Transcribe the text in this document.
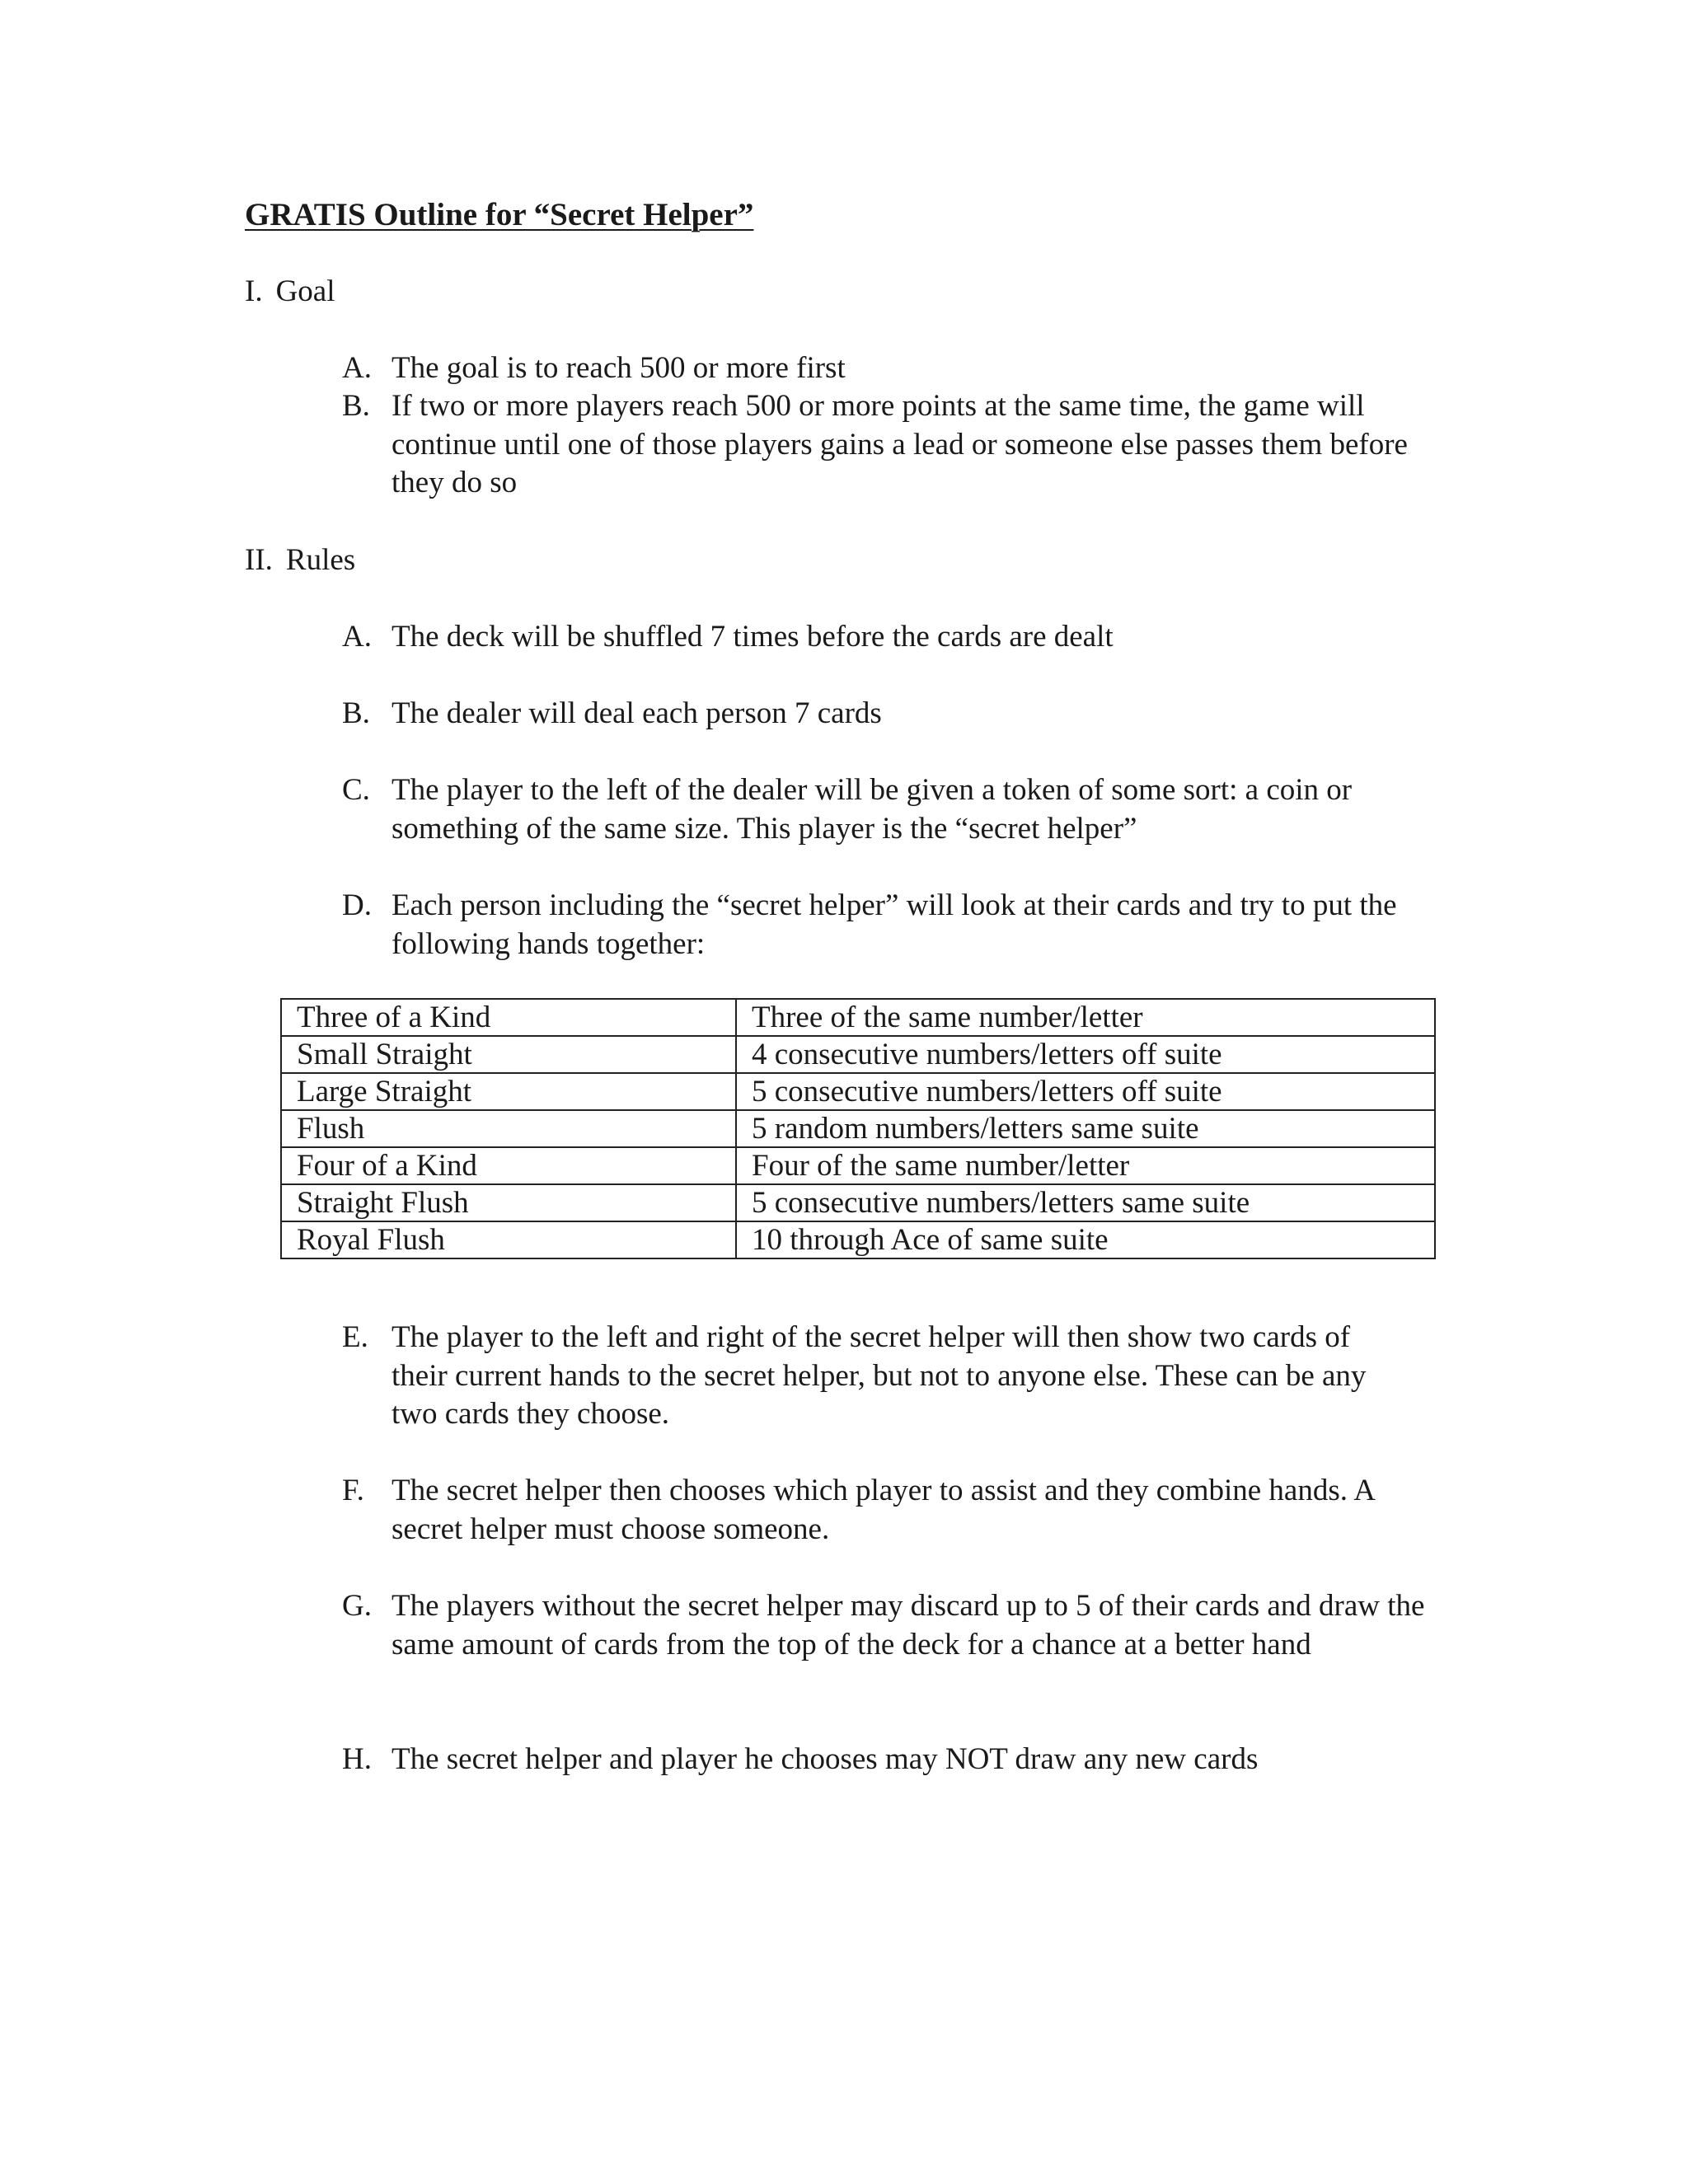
GRATIS Outline for “Secret Helper”
I. Goal
A. The goal is to reach 500 or more first
B. If two or more players reach 500 or more points at the same time, the game will continue until one of those players gains a lead or someone else passes them before they do so
II. Rules
A. The deck will be shuffled 7 times before the cards are dealt
B. The dealer will deal each person 7 cards
C. The player to the left of the dealer will be given a token of some sort: a coin or something of the same size. This player is the “secret helper”
D. Each person including the “secret helper” will look at their cards and try to put the following hands together:
Three of a Kind	Three of the same number/letter
Small Straight	4 consecutive numbers/letters off suite
Large Straight	5 consecutive numbers/letters off suite
Flush	5 random numbers/letters same suite
Four of a Kind	Four of the same number/letter
Straight Flush	5 consecutive numbers/letters same suite
Royal Flush	10 through Ace of same suite
E. The player to the left and right of the secret helper will then show two cards of their current hands to the secret helper, but not to anyone else. These can be any two cards they choose.
F. The secret helper then chooses which player to assist and they combine hands. A secret helper must choose someone.
G. The players without the secret helper may discard up to 5 of their cards and draw the same amount of cards from the top of the deck for a chance at a better hand
H. The secret helper and player he chooses may NOT draw any new cards
